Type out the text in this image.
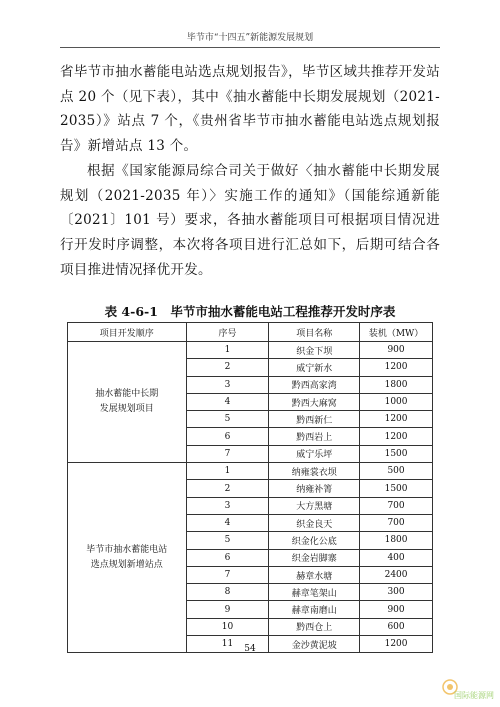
毕节市“十四五”新能源发展规划

省毕节市抽水蓄能电站选点规划报告》，毕节区域共推荐开发站点 20 个（见下表），其中《抽水蓄能中长期发展规划（2021-2035）》站点 7 个，《贵州省毕节市抽水蓄能电站选点规划报告》新增站点 13 个。

根据《国家能源局综合司关于做好〈抽水蓄能中长期发展规划（2021-2035 年）〉实施工作的通知》（国能综通新能〔2021〕101 号）要求，各抽水蓄能项目可根据项目情况进行开发时序调整，本次将各项目进行汇总如下，后期可结合各项目推进情况择优开发。

表 4-6-1　毕节市抽水蓄能电站工程推荐开发时序表
项目开发顺序	序号	项目名称	装机（MW）
抽水蓄能中长期
发展规划项目	1	织金下坝	900
	2	威宁新水	1200
	3	黔西高家湾	1800
	4	黔西大麻窝	1000
	5	黔西新仁	1200
	6	黔西岩上	1200
	7	威宁乐坪	1500
毕节市抽水蓄能电站
选点规划新增站点	1	纳雍裳衣坝	500
	2	纳雍补箐	1500
	3	大方黑塘	700
	4	织金良天	700
	5	织金化公底	1800
	6	织金岩脚寨	400
	7	赫章水塘	2400
	8	赫章笔架山	300
	9	赫章南磨山	900
	10	黔西仓上	600
	11	金沙黄泥坡	1200
54
国际能源网
